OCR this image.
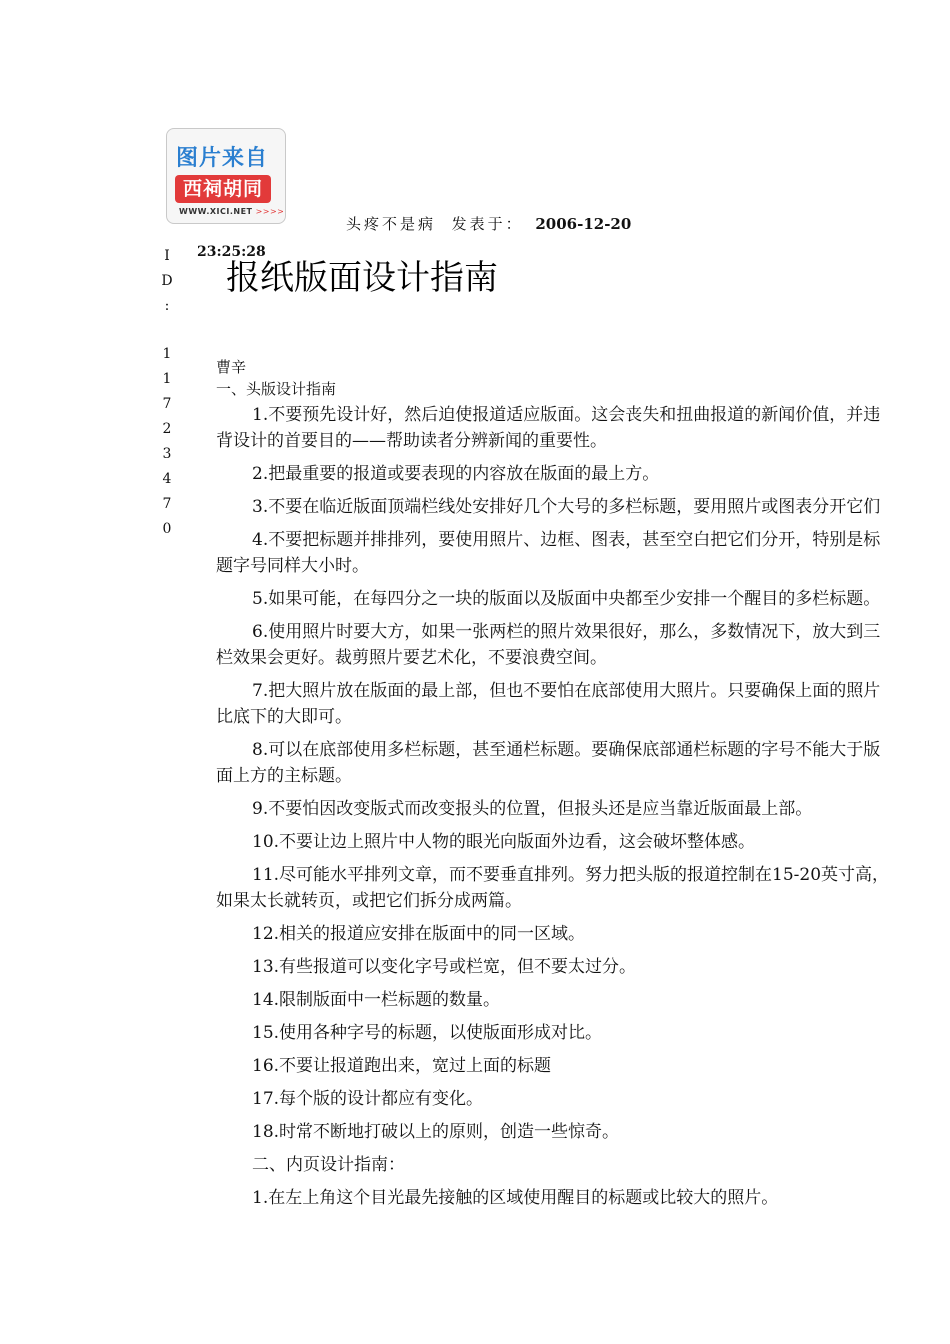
图片来自
西祠胡同
WWW.XICI.NET >>>>
头疼不是病 发表于： 2006-12-20
23:25:28
I
D
:
1
1
7
2
3
4
7
0
报纸版面设计指南

曹辛

一、头版设计指南

1.不要预先设计好，然后迫使报道适应版面。这会丧失和扭曲报道的新闻价值，并违
背设计的首要目的——帮助读者分辨新闻的重要性。
2.把最重要的报道或要表现的内容放在版面的最上方。
3.不要在临近版面顶端栏线处安排好几个大号的多栏标题，要用照片或图表分开它们
4.不要把标题并排排列，要使用照片、边框、图表，甚至空白把它们分开，特别是标
题字号同样大小时。
5.如果可能，在每四分之一块的版面以及版面中央都至少安排一个醒目的多栏标题。
6.使用照片时要大方，如果一张两栏的照片效果很好，那么，多数情况下，放大到三
栏效果会更好。裁剪照片要艺术化，不要浪费空间。
7.把大照片放在版面的最上部，但也不要怕在底部使用大照片。只要确保上面的照片
比底下的大即可。
8.可以在底部使用多栏标题，甚至通栏标题。要确保底部通栏标题的字号不能大于版
面上方的主标题。
9.不要怕因改变版式而改变报头的位置，但报头还是应当靠近版面最上部。
10.不要让边上照片中人物的眼光向版面外边看，这会破坏整体感。
11.尽可能水平排列文章，而不要垂直排列。努力把头版的报道控制在15-20英寸高，
如果太长就转页，或把它们拆分成两篇。
12.相关的报道应安排在版面中的同一区域。
13.有些报道可以变化字号或栏宽，但不要太过分。
14.限制版面中一栏标题的数量。
15.使用各种字号的标题，以使版面形成对比。
16.不要让报道跑出来，宽过上面的标题
17.每个版的设计都应有变化。
18.时常不断地打破以上的原则，创造一些惊奇。
二、内页设计指南：
1.在左上角这个目光最先接触的区域使用醒目的标题或比较大的照片。
